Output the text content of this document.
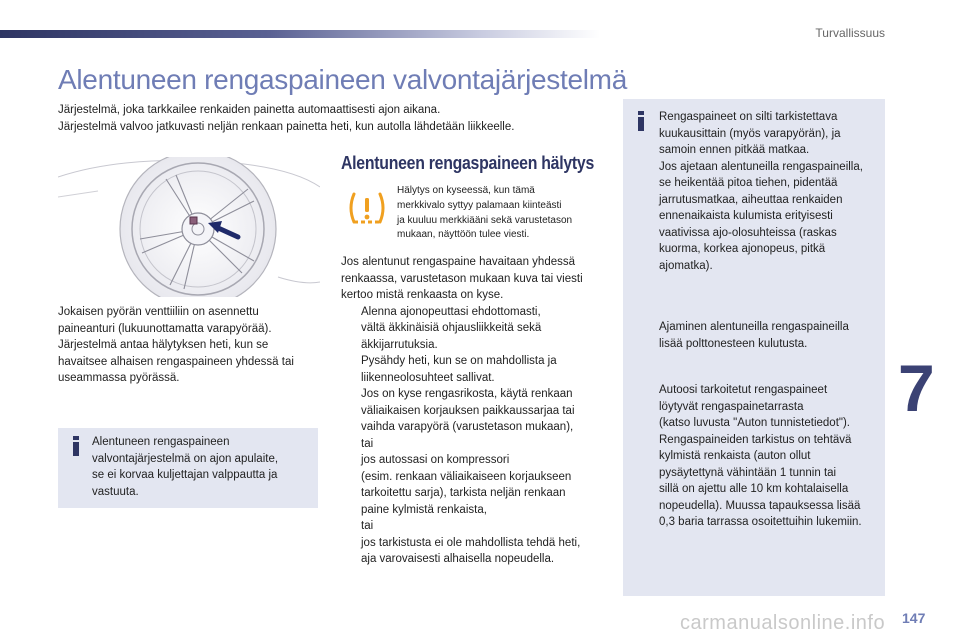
Turvallissuus
Alentuneen rengaspaineen valvontajärjestelmä
Järjestelmä, joka tarkkailee renkaiden painetta automaattisesti ajon aikana.
Järjestelmä valvoo jatkuvasti neljän renkaan painetta heti, kun autolla lähdetään liikkeelle.
Jokaisen pyörän venttiiliin on asennettu
paineanturi (lukuunottamatta varapyörää).
Järjestelmä antaa hälytyksen heti, kun se
havaitsee alhaisen rengaspaineen yhdessä tai
useammassa pyörässä.
Alentuneen rengaspaineen
valvontajärjestelmä on ajon apulaite,
se ei korvaa kuljettajan valppautta ja
vastuuta.
Alentuneen rengaspaineen hälytys
Hälytys on kyseessä, kun tämä
merkkivalo syttyy palamaan kiinteästi
ja kuuluu merkkiääni sekä varustetason
mukaan, näyttöön tulee viesti.
Jos alentunut rengaspaine havaitaan yhdessä
renkaassa, varustetason mukaan kuva tai viesti
kertoo mistä renkaasta on kyse.
Alenna ajonopeuttasi ehdottomasti,
vältä äkkinäisiä ohjausliikkeitä sekä
äkkijarrutuksia.
Pysähdy heti, kun se on mahdollista ja
liikenneolosuhteet sallivat.
Jos on kyse rengasrikosta, käytä renkaan
väliaikaisen korjauksen paikkaussarjaa tai
vaihda varapyörä (varustetason mukaan),
tai
jos autossasi on kompressori
(esim. renkaan väliaikaiseen korjaukseen
tarkoitettu sarja), tarkista neljän renkaan
paine kylmistä renkaista,
tai
jos tarkistusta ei ole mahdollista tehdä heti,
aja varovaisesti alhaisella nopeudella.
Rengaspaineet on silti tarkistettava
kuukausittain (myös varapyörän), ja
samoin ennen pitkää matkaa.
Jos ajetaan alentuneilla rengaspaineilla,
se heikentää pitoa tiehen, pidentää
jarrutusmatkaa, aiheuttaa renkaiden
ennenaikaista kulumista erityisesti
vaativissa ajo-olosuhteissa (raskas
kuorma, korkea ajonopeus, pitkä
ajomatka).
Ajaminen alentuneilla rengaspaineilla
lisää polttonesteen kulutusta.
Autoosi tarkoitetut rengaspaineet
löytyvät rengaspainetarrasta
(katso luvusta "Auton tunnistetiedot").
Rengaspaineiden tarkistus on tehtävä
kylmistä renkaista (auton ollut
pysäytettynä vähintään 1 tunnin tai
sillä on ajettu alle 10 km kohtalaisella
nopeudella). Muussa tapauksessa lisää
0,3 baria tarrassa osoitettuihin lukemiin.
7
carmanualsonline.info 147
